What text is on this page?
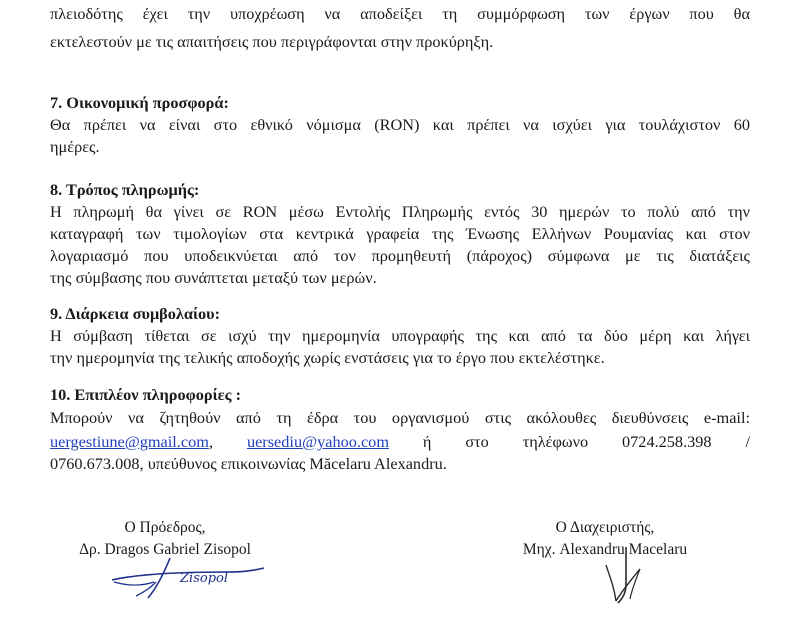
πλειοδότης έχει την υποχρέωση να αποδείξει τη συμμόρφωση των έργων που θα
εκτελεστούν με τις απαιτήσεις που περιγράφονται στην προκύρηξη.
7. Οικονομική προσφορά:
Θα πρέπει να είναι στο εθνικό νόμισμα (RON) και πρέπει να ισχύει για τουλάχιστον 60
ημέρες.
8. Τρόπος πληρωμής:
Η πληρωμή θα γίνει σε RON μέσω Εντολής Πληρωμής εντός 30 ημερών το πολύ από την
καταγραφή των τιμολογίων στα κεντρικά γραφεία της Ένωσης Ελλήνων Ρουμανίας και στον
λογαριασμό που υποδεικνύεται από τον προμηθευτή (πάροχος) σύμφωνα με τις διατάξεις
της σύμβασης που συνάπτεται μεταξύ των μερών.
9. Διάρκεια συμβολαίου:
Η σύμβαση τίθεται σε ισχύ την ημερομηνία υπογραφής της και από τα δύο μέρη και λήγει
την ημερομηνία της τελικής αποδοχής χωρίς ενστάσεις για το έργο που εκτελέστηκε.
10. Επιπλέον πληροφορίες :
Μπορούν να ζητηθούν από τη έδρα του οργανισμού στις ακόλουθες διευθύνσεις e-mail:
uergestiune@gmail.com, uersediu@yahoo.com ή στο τηλέφωνο 0724.258.398 /
0760.673.008, υπεύθυνος επικοινωνίας Măcelaru Alexandru.
Ο Πρόεδρος,
Δρ. Dragos Gabriel Zisopol
Ο Διαχειριστής,
Μηχ. Alexandru Macelaru
Zisopol
